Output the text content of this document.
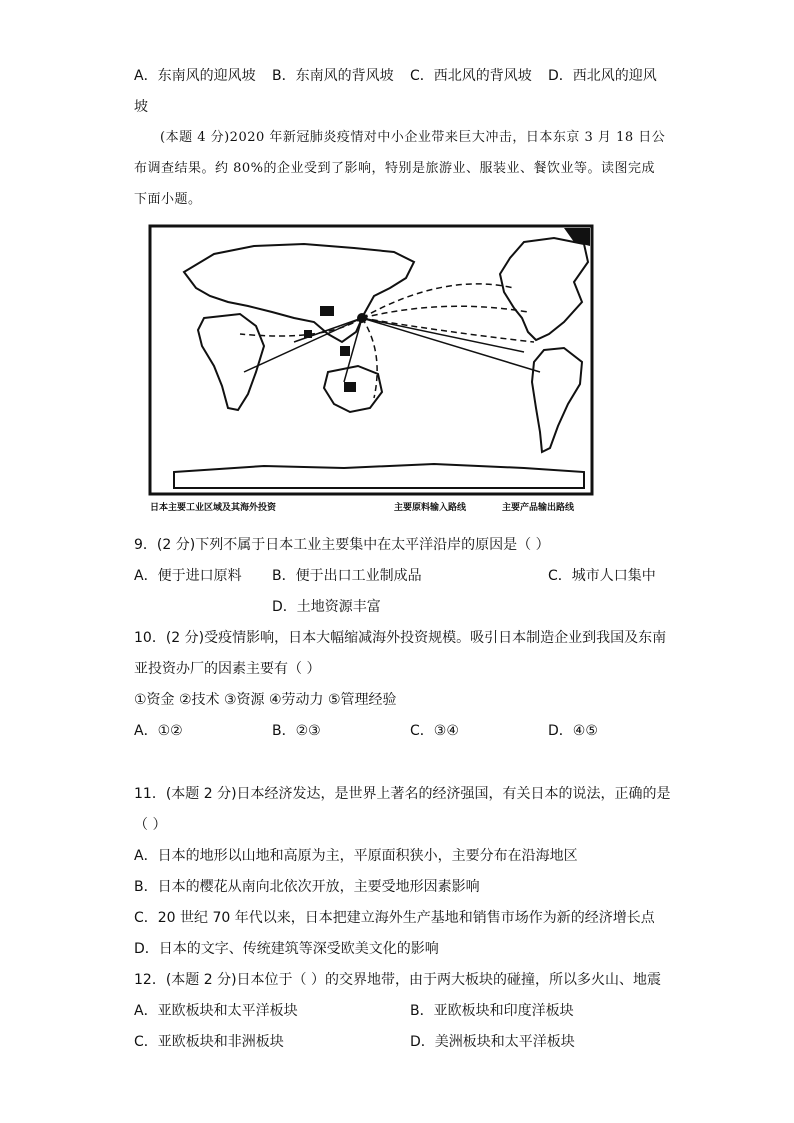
A．东南风的迎风坡 B．东南风的背风坡 C．西北风的背风坡 D．西北风的迎风
坡
(本题 4 分)2020 年新冠肺炎疫情对中小企业带来巨大冲击，日本东京 3 月 18 日公
布调查结果。约 80%的企业受到了影响，特别是旅游业、服装业、餐饮业等。读图完成
下面小题。
日本主要工业区域及其海外投资	主要原料输入路线	主要产品输出路线
9．(2 分)下列不属于日本工业主要集中在太平洋沿岸的原因是（ ）
A．便于进口原料 B．便于出口工业制成品	C．城市人口集中
D．土地资源丰富
10．(2 分)受疫情影响，日本大幅缩减海外投资规模。吸引日本制造企业到我国及东南
亚投资办厂的因素主要有（ ）
①资金 ②技术 ③资源 ④劳动力 ⑤管理经验
A．①②	B．②③	C．③④	D．④⑤
11．(本题 2 分)日本经济发达，是世界上著名的经济强国，有关日本的说法，正确的是
（ ）
A．日本的地形以山地和高原为主，平原面积狭小，主要分布在沿海地区
B．日本的樱花从南向北依次开放，主要受地形因素影响
C．20 世纪 70 年代以来，日本把建立海外生产基地和销售市场作为新的经济增长点
D．日本的文字、传统建筑等深受欧美文化的影响
12．(本题 2 分)日本位于（ ）的交界地带，由于两大板块的碰撞，所以多火山、地震
A．亚欧板块和太平洋板块	B．亚欧板块和印度洋板块
C．亚欧板块和非洲板块	D．美洲板块和太平洋板块
